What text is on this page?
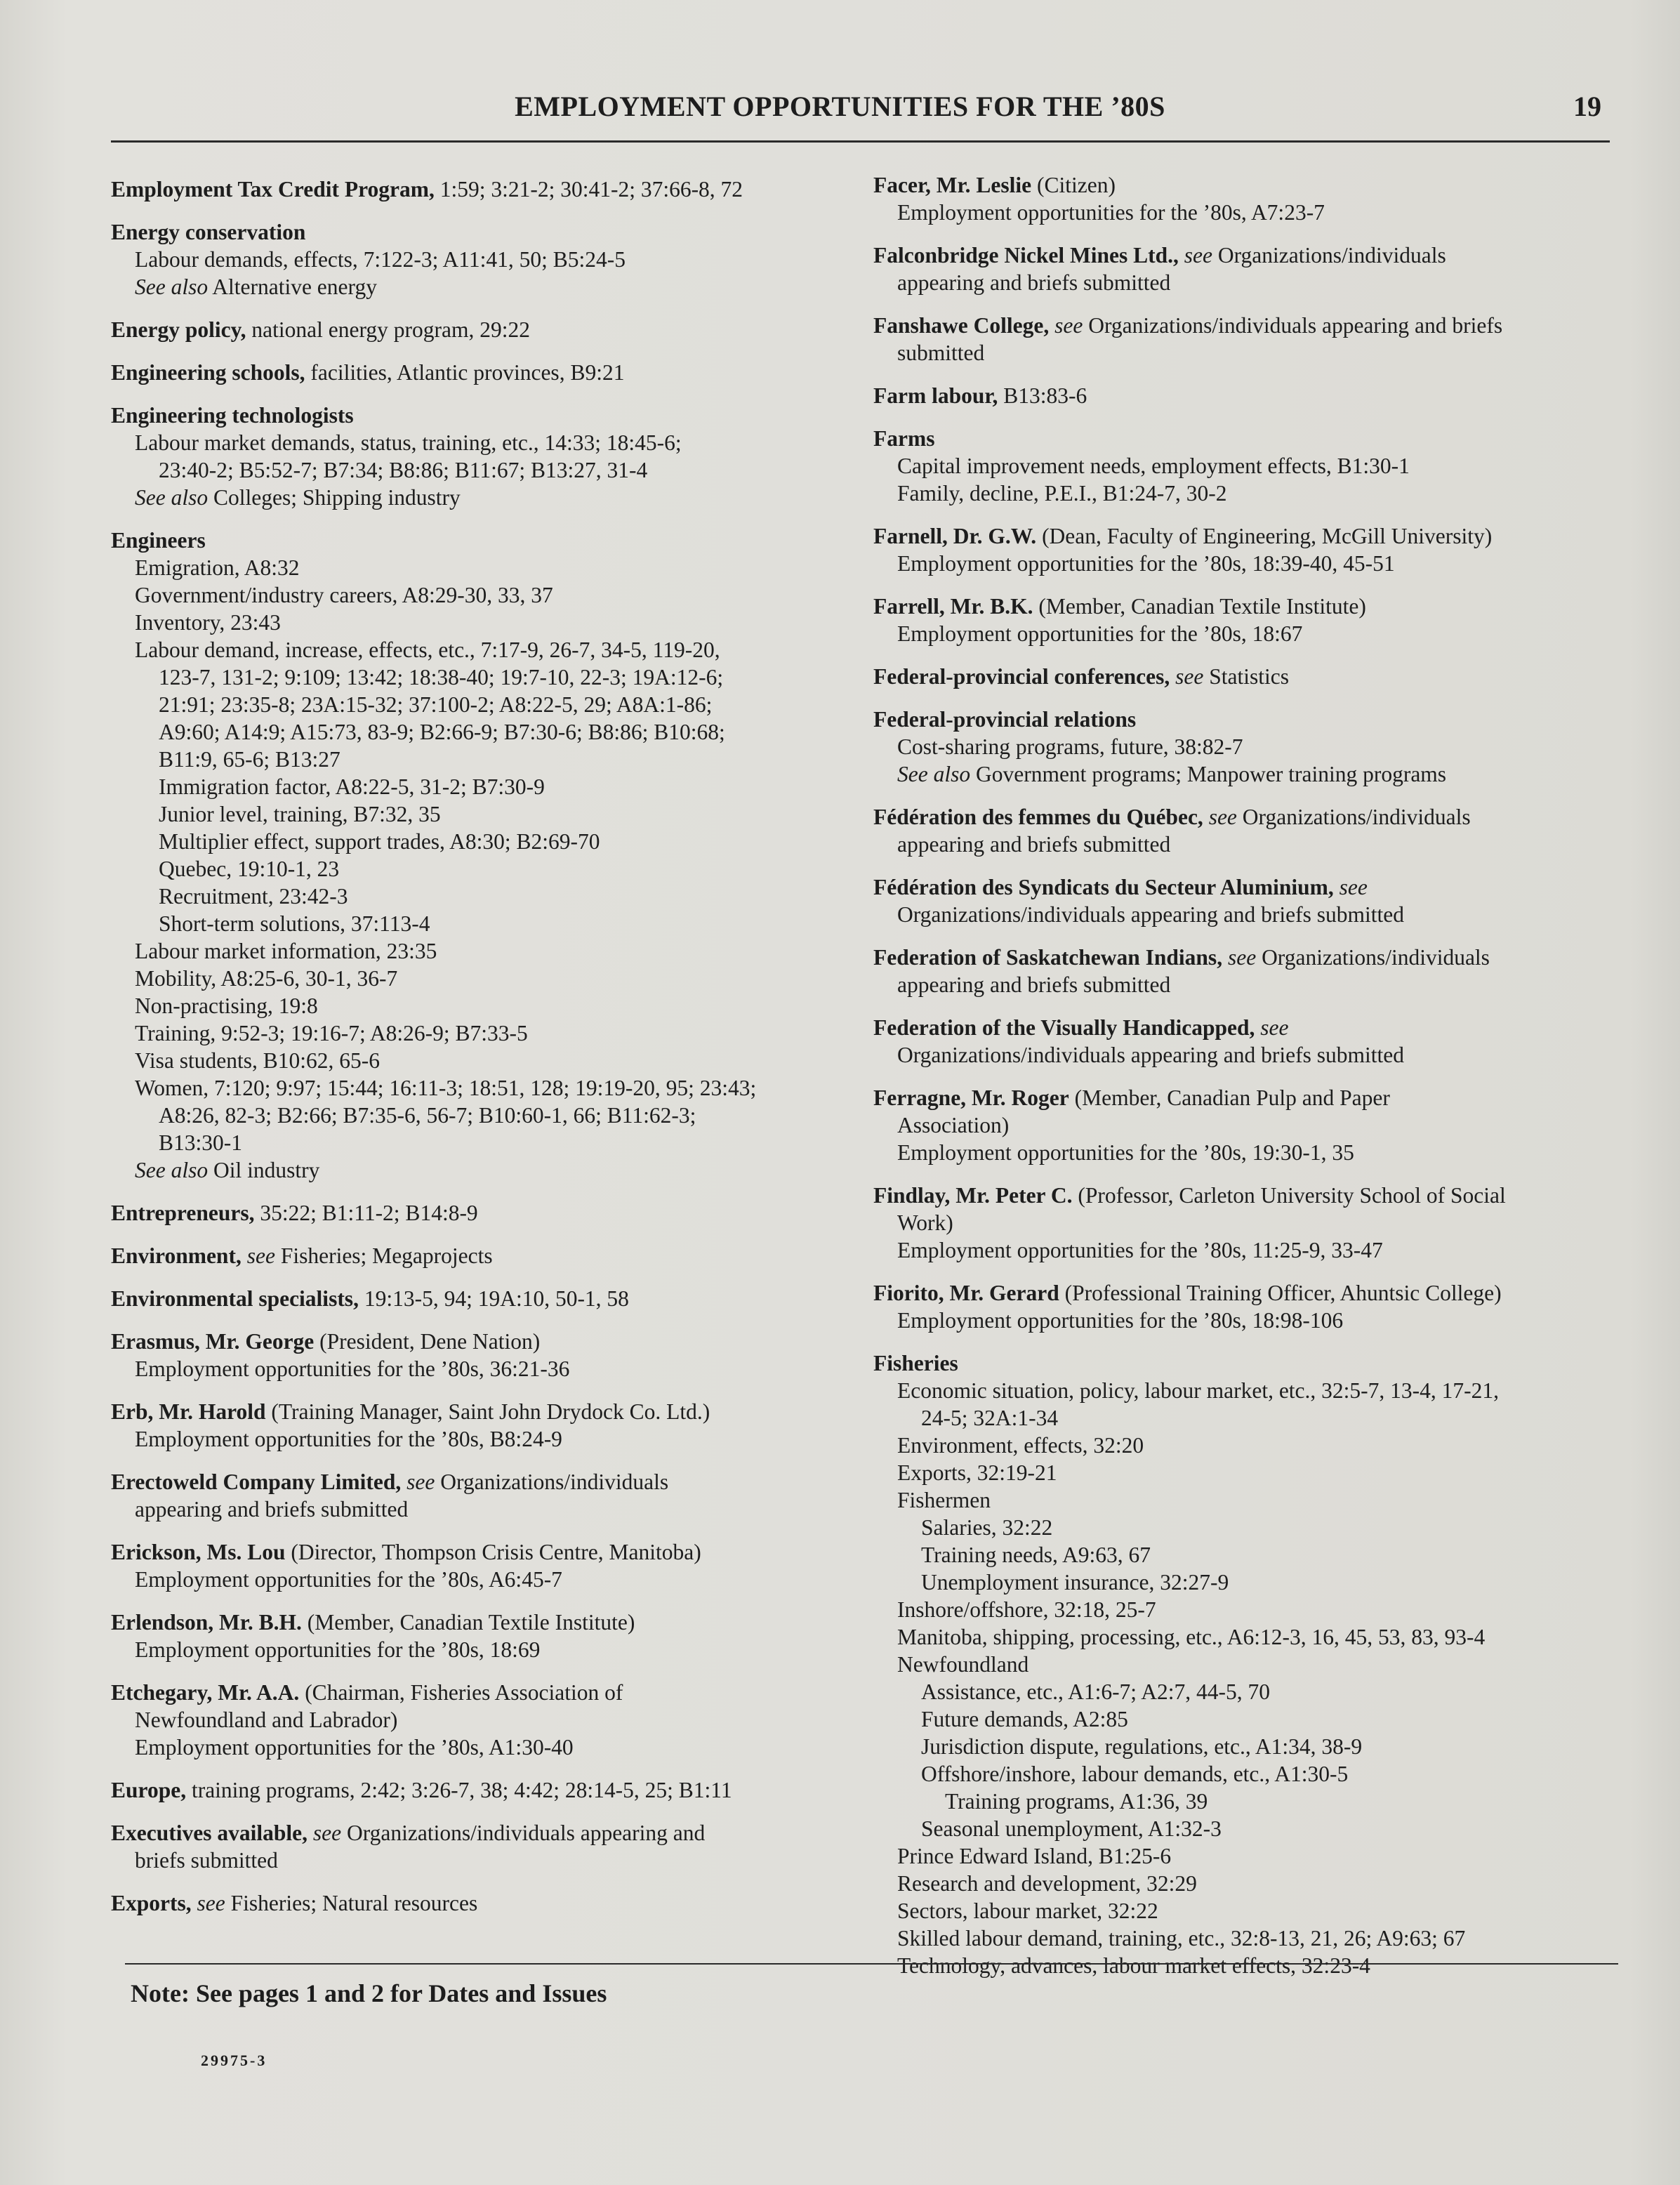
EMPLOYMENT OPPORTUNITIES FOR THE ’80S	19
Employment Tax Credit Program, 1:59; 3:21-2; 30:41-2; 37:66-8, 72
Energy conservation
Labour demands, effects, 7:122-3; A11:41, 50; B5:24-5
See also Alternative energy
Energy policy, national energy program, 29:22
Engineering schools, facilities, Atlantic provinces, B9:21
Engineering technologists
Labour market demands, status, training, etc., 14:33; 18:45-6;
23:40-2; B5:52-7; B7:34; B8:86; B11:67; B13:27, 31-4
See also Colleges; Shipping industry
Engineers
Emigration, A8:32
Government/industry careers, A8:29-30, 33, 37
Inventory, 23:43
Labour demand, increase, effects, etc., 7:17-9, 26-7, 34-5, 119-20,
123-7, 131-2; 9:109; 13:42; 18:38-40; 19:7-10, 22-3; 19A:12-6;
21:91; 23:35-8; 23A:15-32; 37:100-2; A8:22-5, 29; A8A:1-86;
A9:60; A14:9; A15:73, 83-9; B2:66-9; B7:30-6; B8:86; B10:68;
B11:9, 65-6; B13:27
Immigration factor, A8:22-5, 31-2; B7:30-9
Junior level, training, B7:32, 35
Multiplier effect, support trades, A8:30; B2:69-70
Quebec, 19:10-1, 23
Recruitment, 23:42-3
Short-term solutions, 37:113-4
Labour market information, 23:35
Mobility, A8:25-6, 30-1, 36-7
Non-practising, 19:8
Training, 9:52-3; 19:16-7; A8:26-9; B7:33-5
Visa students, B10:62, 65-6
Women, 7:120; 9:97; 15:44; 16:11-3; 18:51, 128; 19:19-20, 95; 23:43;
A8:26, 82-3; B2:66; B7:35-6, 56-7; B10:60-1, 66; B11:62-3;
B13:30-1
See also Oil industry
Entrepreneurs, 35:22; B1:11-2; B14:8-9
Environment, see Fisheries; Megaprojects
Environmental specialists, 19:13-5, 94; 19A:10, 50-1, 58
Erasmus, Mr. George (President, Dene Nation)
Employment opportunities for the ’80s, 36:21-36
Erb, Mr. Harold (Training Manager, Saint John Drydock Co. Ltd.)
Employment opportunities for the ’80s, B8:24-9
Erectoweld Company Limited, see Organizations/individuals
appearing and briefs submitted
Erickson, Ms. Lou (Director, Thompson Crisis Centre, Manitoba)
Employment opportunities for the ’80s, A6:45-7
Erlendson, Mr. B.H. (Member, Canadian Textile Institute)
Employment opportunities for the ’80s, 18:69
Etchegary, Mr. A.A. (Chairman, Fisheries Association of
Newfoundland and Labrador)
Employment opportunities for the ’80s, A1:30-40
Europe, training programs, 2:42; 3:26-7, 38; 4:42; 28:14-5, 25; B1:11
Executives available, see Organizations/individuals appearing and
briefs submitted
Exports, see Fisheries; Natural resources
Facer, Mr. Leslie (Citizen)
Employment opportunities for the ’80s, A7:23-7
Falconbridge Nickel Mines Ltd., see Organizations/individuals
appearing and briefs submitted
Fanshawe College, see Organizations/individuals appearing and briefs
submitted
Farm labour, B13:83-6
Farms
Capital improvement needs, employment effects, B1:30-1
Family, decline, P.E.I., B1:24-7, 30-2
Farnell, Dr. G.W. (Dean, Faculty of Engineering, McGill University)
Employment opportunities for the ’80s, 18:39-40, 45-51
Farrell, Mr. B.K. (Member, Canadian Textile Institute)
Employment opportunities for the ’80s, 18:67
Federal-provincial conferences, see Statistics
Federal-provincial relations
Cost-sharing programs, future, 38:82-7
See also Government programs; Manpower training programs
Fédération des femmes du Québec, see Organizations/individuals
appearing and briefs submitted
Fédération des Syndicats du Secteur Aluminium, see
Organizations/individuals appearing and briefs submitted
Federation of Saskatchewan Indians, see Organizations/individuals
appearing and briefs submitted
Federation of the Visually Handicapped, see
Organizations/individuals appearing and briefs submitted
Ferragne, Mr. Roger (Member, Canadian Pulp and Paper
Association)
Employment opportunities for the ’80s, 19:30-1, 35
Findlay, Mr. Peter C. (Professor, Carleton University School of Social
Work)
Employment opportunities for the ’80s, 11:25-9, 33-47
Fiorito, Mr. Gerard (Professional Training Officer, Ahuntsic College)
Employment opportunities for the ’80s, 18:98-106
Fisheries
Economic situation, policy, labour market, etc., 32:5-7, 13-4, 17-21,
24-5; 32A:1-34
Environment, effects, 32:20
Exports, 32:19-21
Fishermen
Salaries, 32:22
Training needs, A9:63, 67
Unemployment insurance, 32:27-9
Inshore/offshore, 32:18, 25-7
Manitoba, shipping, processing, etc., A6:12-3, 16, 45, 53, 83, 93-4
Newfoundland
Assistance, etc., A1:6-7; A2:7, 44-5, 70
Future demands, A2:85
Jurisdiction dispute, regulations, etc., A1:34, 38-9
Offshore/inshore, labour demands, etc., A1:30-5
Training programs, A1:36, 39
Seasonal unemployment, A1:32-3
Prince Edward Island, B1:25-6
Research and development, 32:29
Sectors, labour market, 32:22
Skilled labour demand, training, etc., 32:8-13, 21, 26; A9:63; 67
Technology, advances, labour market effects, 32:23-4
Note: See pages 1 and 2 for Dates and Issues
29975-3
